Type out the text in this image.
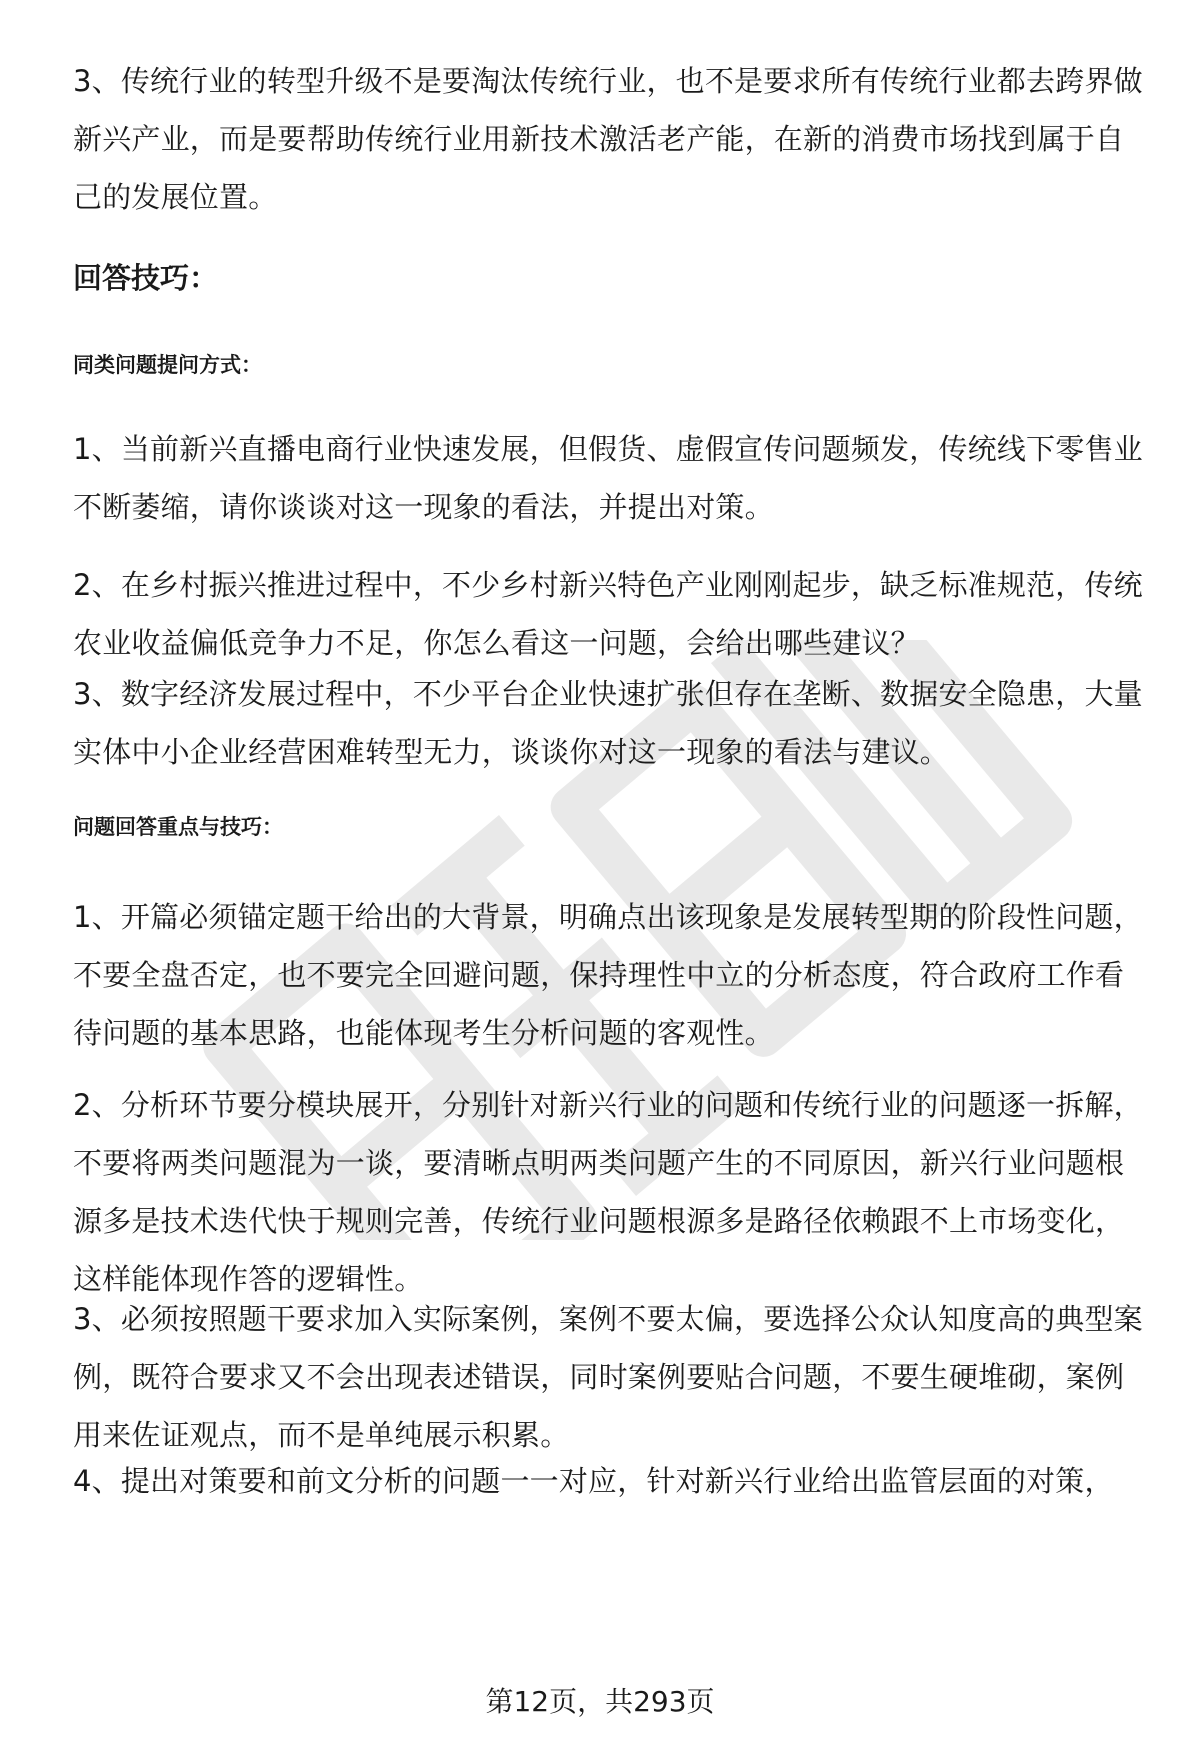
3、传统行业的转型升级不是要淘汰传统行业，也不是要求所有传统行业都去跨界做新兴产业，而是要帮助传统行业用新技术激活老产能，在新的消费市场找到属于自己的发展位置。

回答技巧：
同类问题提问方式：

1、当前新兴直播电商行业快速发展，但假货、虚假宣传问题频发，传统线下零售业不断萎缩，请你谈谈对这一现象的看法，并提出对策。

2、在乡村振兴推进过程中，不少乡村新兴特色产业刚刚起步，缺乏标准规范，传统农业收益偏低竞争力不足，你怎么看这一问题，会给出哪些建议？

3、数字经济发展过程中，不少平台企业快速扩张但存在垄断、数据安全隐患，大量实体中小企业经营困难转型无力，谈谈你对这一现象的看法与建议。

问题回答重点与技巧：

1、开篇必须锚定题干给出的大背景，明确点出该现象是发展转型期的阶段性问题，不要全盘否定，也不要完全回避问题，保持理性中立的分析态度，符合政府工作看待问题的基本思路，也能体现考生分析问题的客观性。

2、分析环节要分模块展开，分别针对新兴行业的问题和传统行业的问题逐一拆解，不要将两类问题混为一谈，要清晰点明两类问题产生的不同原因，新兴行业问题根源多是技术迭代快于规则完善，传统行业问题根源多是路径依赖跟不上市场变化，这样能体现作答的逻辑性。

3、必须按照题干要求加入实际案例，案例不要太偏，要选择公众认知度高的典型案例，既符合要求又不会出现表述错误，同时案例要贴合问题，不要生硬堆砌，案例用来佐证观点，而不是单纯展示积累。

4、提出对策要和前文分析的问题一一对应，针对新兴行业给出监管层面的对策，

第12页，共293页
